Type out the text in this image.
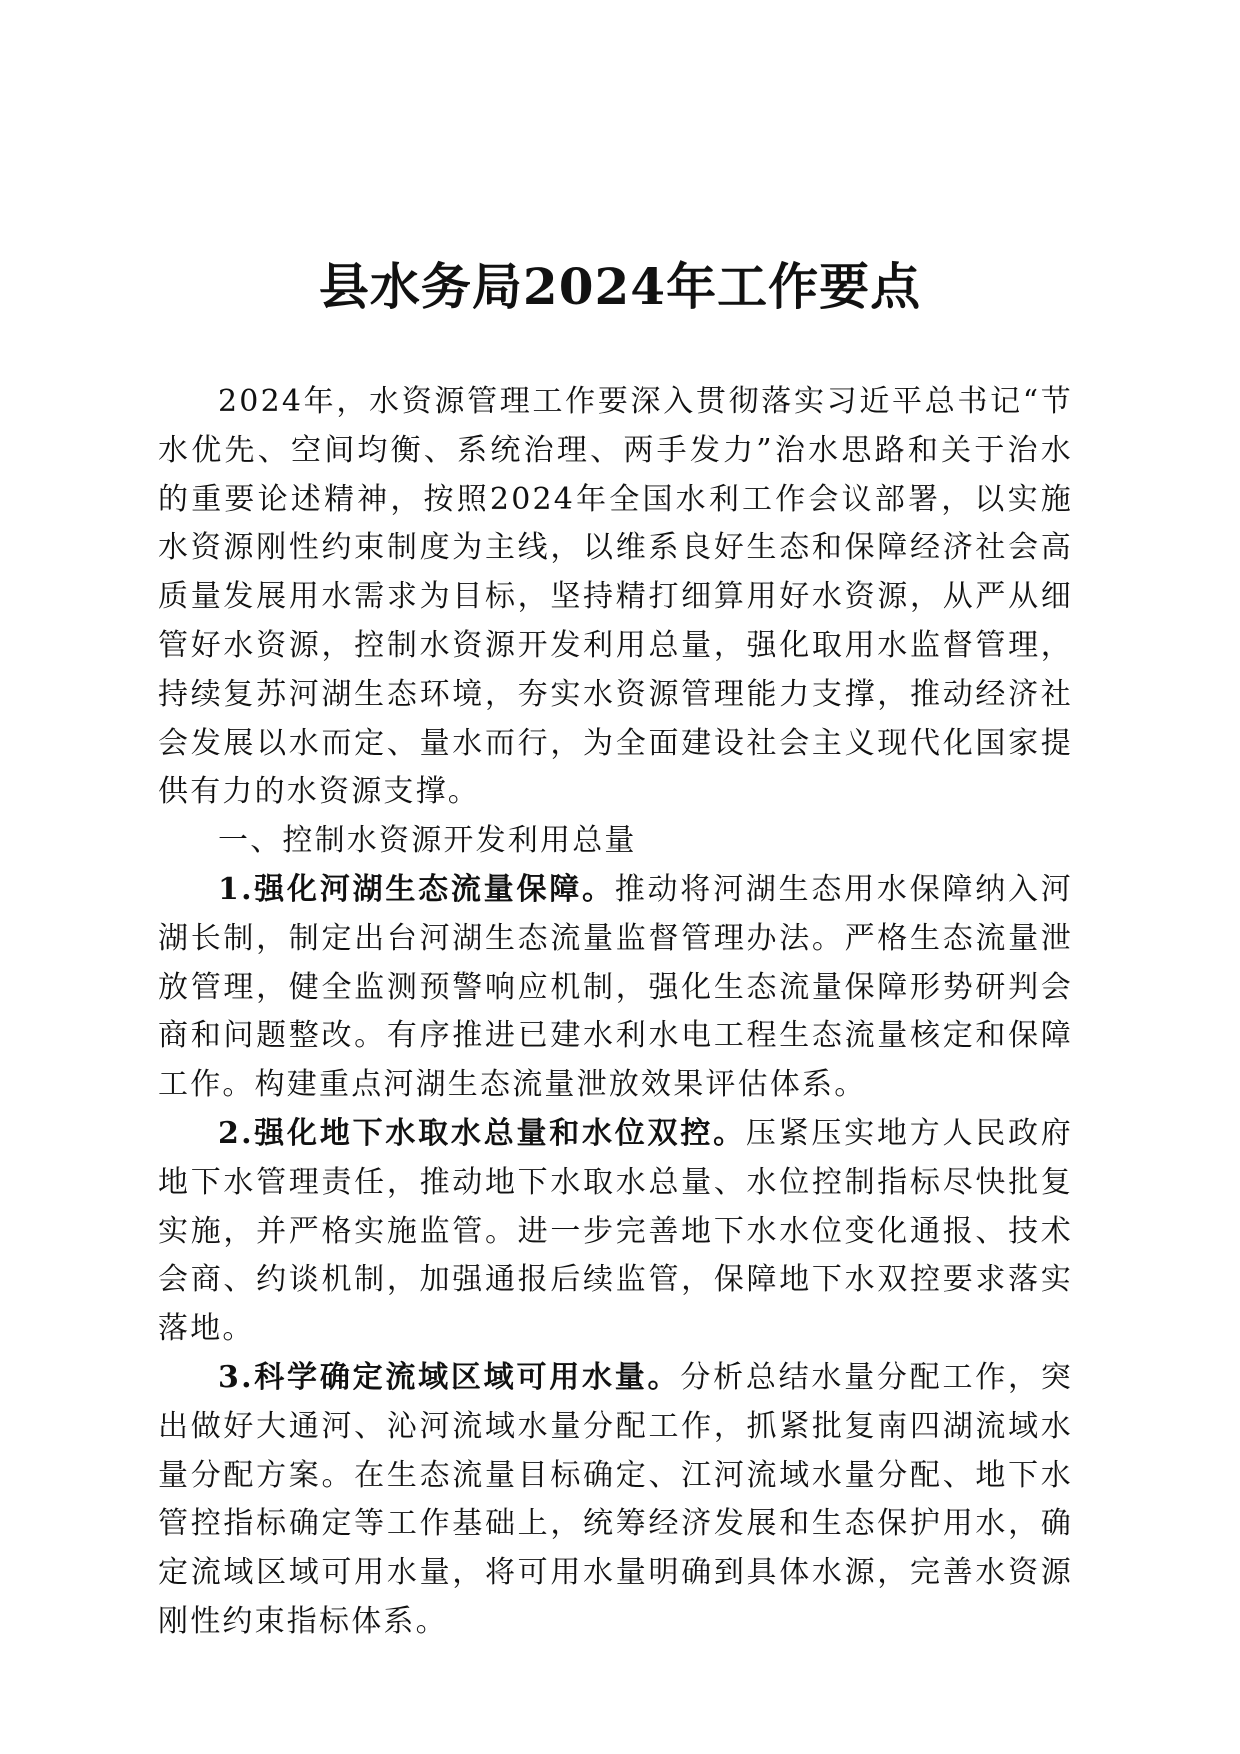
县水务局2024年工作要点

2024年，水资源管理工作要深入贯彻落实习近平总书记“节水优先、空间均衡、系统治理、两手发力”治水思路和关于治水的重要论述精神，按照2024年全国水利工作会议部署，以实施水资源刚性约束制度为主线，以维系良好生态和保障经济社会高质量发展用水需求为目标，坚持精打细算用好水资源，从严从细管好水资源，控制水资源开发利用总量，强化取用水监督管理，持续复苏河湖生态环境，夯实水资源管理能力支撑，推动经济社会发展以水而定、量水而行，为全面建设社会主义现代化国家提供有力的水资源支撑。

一、控制水资源开发利用总量

1.强化河湖生态流量保障。推动将河湖生态用水保障纳入河湖长制，制定出台河湖生态流量监督管理办法。严格生态流量泄放管理，健全监测预警响应机制，强化生态流量保障形势研判会商和问题整改。有序推进已建水利水电工程生态流量核定和保障工作。构建重点河湖生态流量泄放效果评估体系。

2.强化地下水取水总量和水位双控。压紧压实地方人民政府地下水管理责任，推动地下水取水总量、水位控制指标尽快批复实施，并严格实施监管。进一步完善地下水水位变化通报、技术会商、约谈机制，加强通报后续监管，保障地下水双控要求落实落地。

3.科学确定流域区域可用水量。分析总结水量分配工作，突出做好大通河、沁河流域水量分配工作，抓紧批复南四湖流域水量分配方案。在生态流量目标确定、江河流域水量分配、地下水管控指标确定等工作基础上，统筹经济发展和生态保护用水，确定流域区域可用水量，将可用水量明确到具体水源，完善水资源刚性约束指标体系。
